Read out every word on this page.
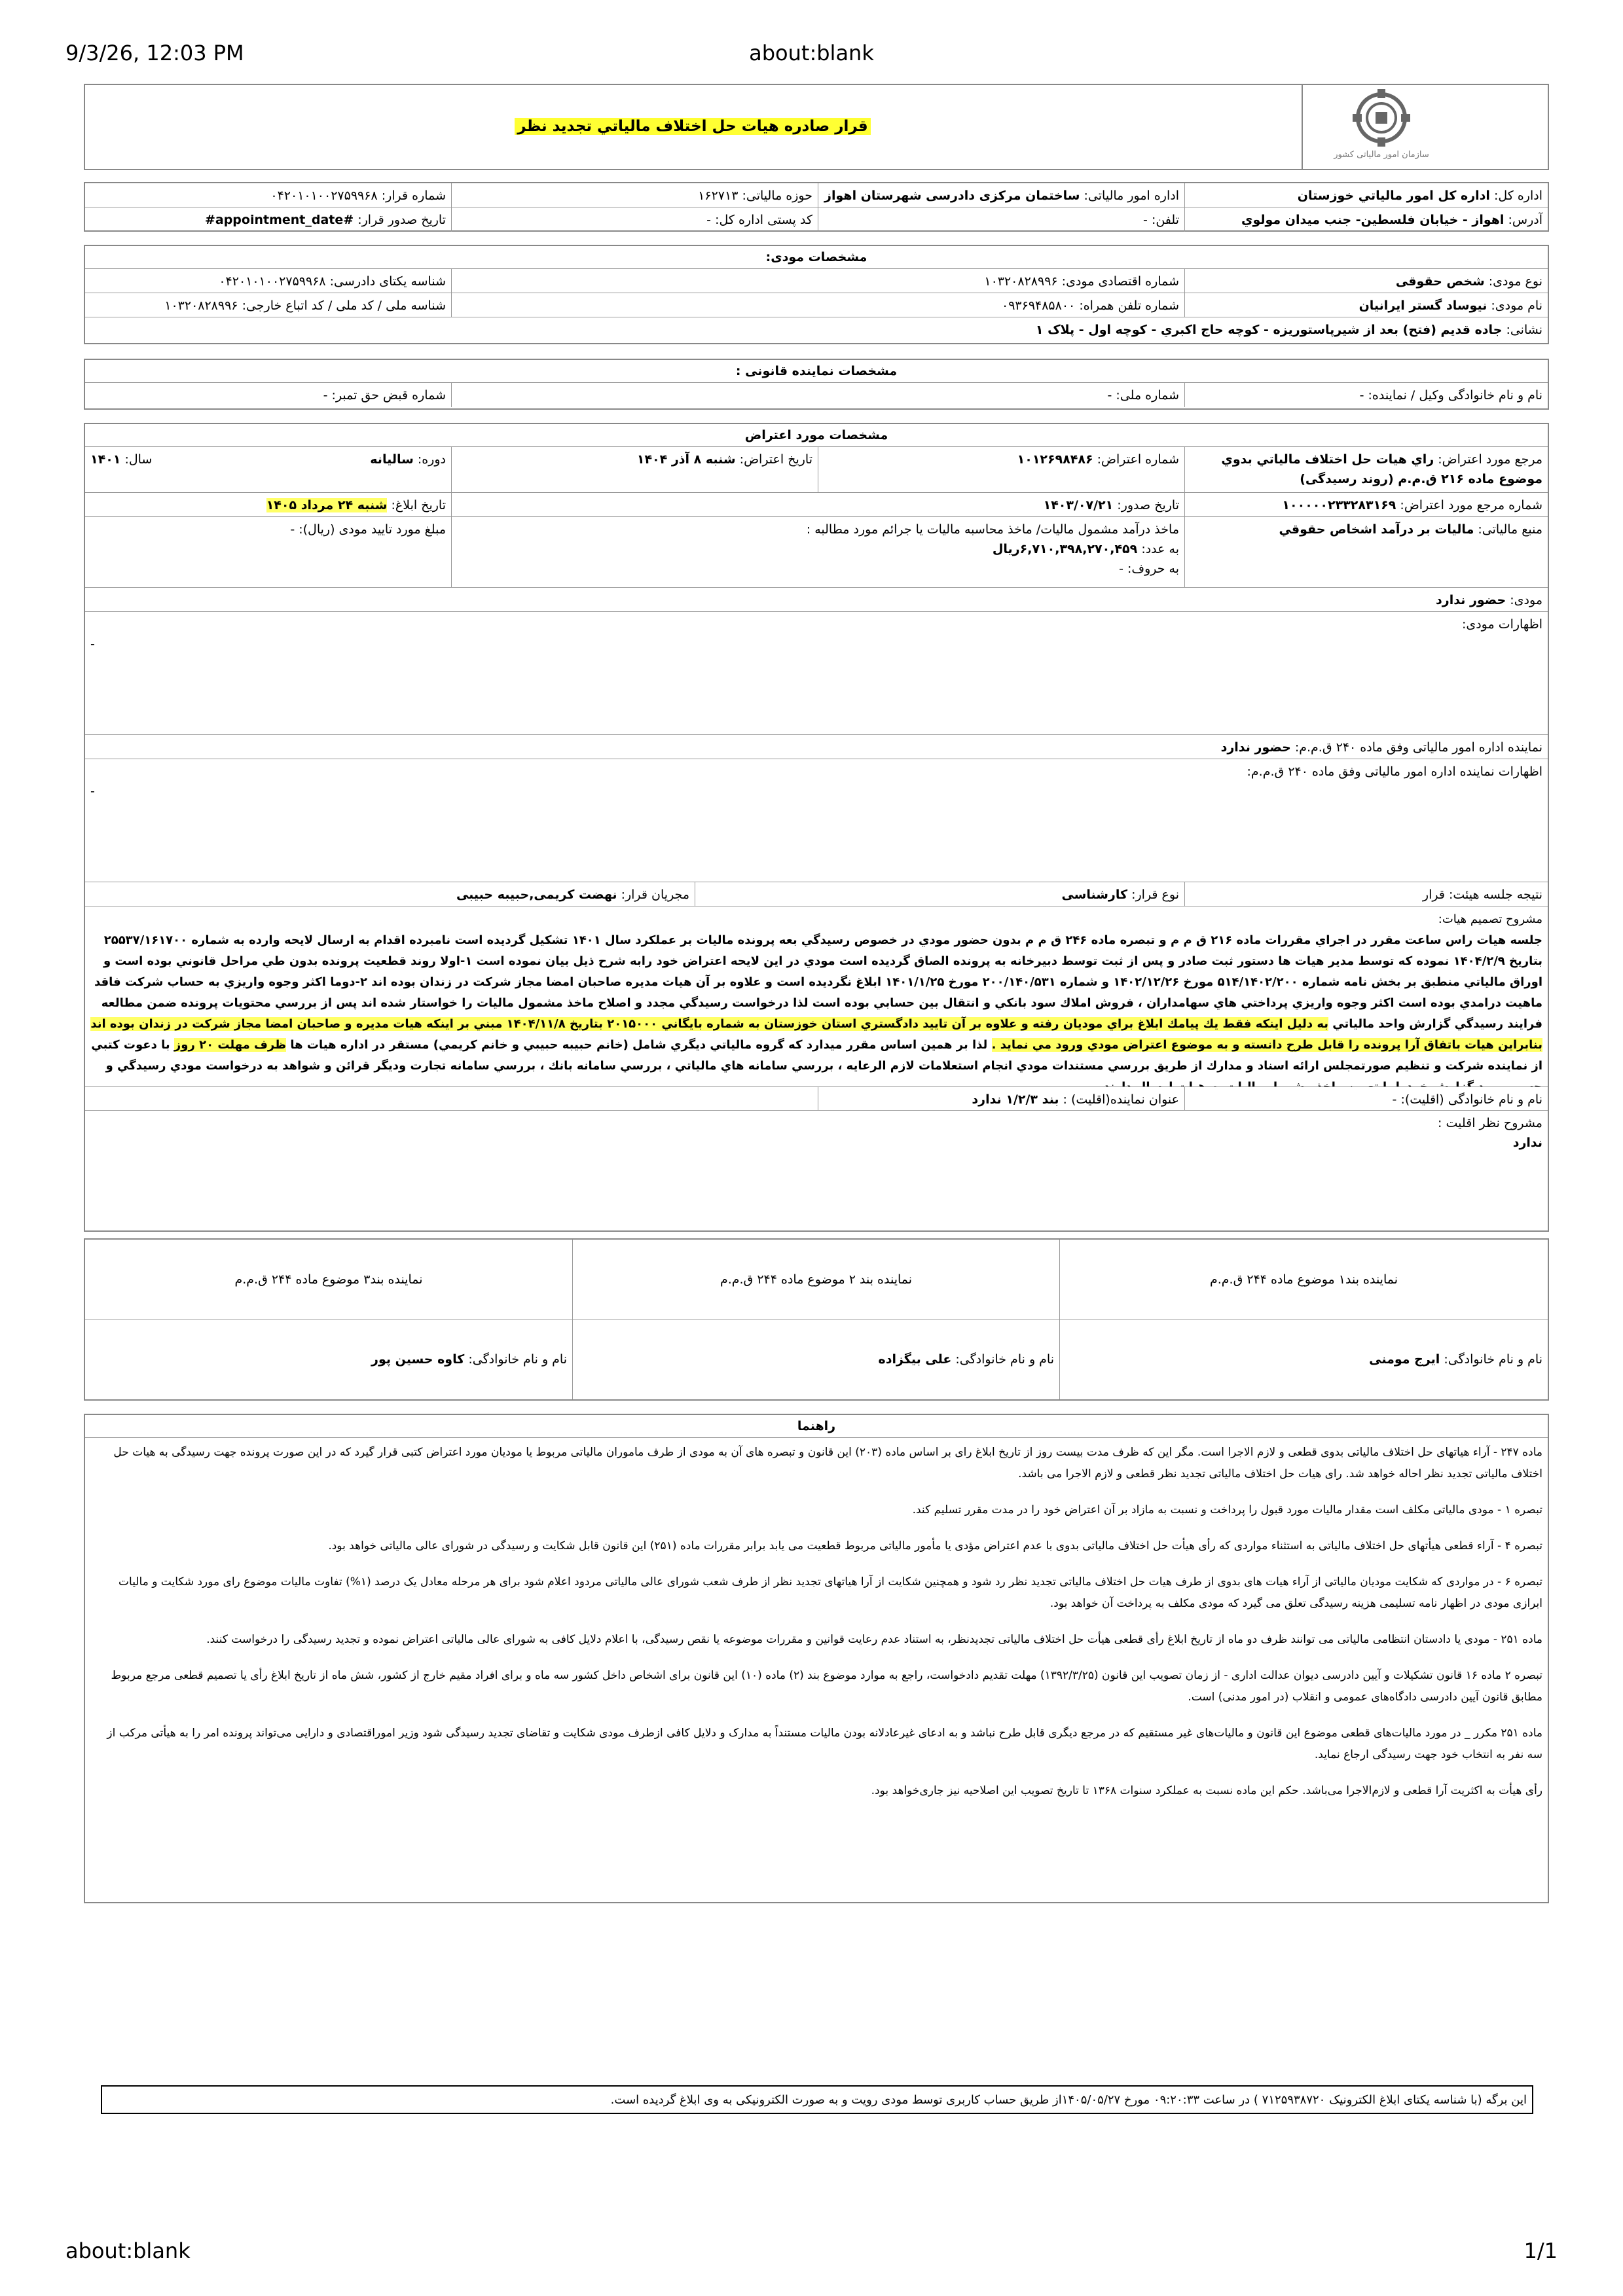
9/3/26, 12:03 PM	about:blank
قرار صادره هيات حل اختلاف مالياتي تجديد نظر
سازمان امور مالیاتی کشور
اداره کل: اداره كل امور مالياتي خوزستان
اداره امور مالیاتی: ساختمان مرکزی دادرسی شهرستان اهواز
حوزه مالیاتی: ۱۶۲۷۱۳
شماره قرار: ۰۴۲۰۱۰۱۰۰۲۷۵۹۹۶۸
آدرس: اهواز - خيابان فلسطين- جنب ميدان مولوي
تلفن: -
کد پستی اداره کل: -
تاریخ صدور قرار: #appointment_date#
مشخصات مودی:
نوع مودی: شخص حقوقی
شماره اقتصادی مودی: ۱۰۳۲۰۸۲۸۹۹۶
شناسه یکتای دادرسی: ۰۴۲۰۱۰۱۰۰۲۷۵۹۹۶۸
نام مودی: نيوساد گستر ايرانيان
شماره تلفن همراه: ۰۹۳۶۹۴۸۵۸۰۰
شناسه ملی / کد ملی / کد اتباع خارجی: ۱۰۳۲۰۸۲۸۹۹۶
نشانی: جاده قديم (فتح) بعد از شيرپاستوريزه - كوچه حاج اكبري - كوچه اول - پلاک ۱
مشخصات نماینده قانونی :
نام و نام خانوادگی وکیل / نماینده: -
شماره ملی: -
شماره قبض حق تمبر: -
مشخصات مورد اعتراض
مرجع مورد اعتراض: راي هيات حل اختلاف مالياتي بدوي موضوع ماده ۲۱۶ ق.م.م (روند رسیدگی)
شماره اعتراض: ۱۰۱۲۶۹۸۴۸۶
تاریخ اعتراض: شنبه ۸ آذر ۱۴۰۴
دوره: سالیانه
سال: ۱۴۰۱
شماره مرجع مورد اعتراض: ۱۰۰۰۰۰۲۳۳۲۸۳۱۶۹
تاریخ صدور: ۱۴۰۳/۰۷/۲۱
تاریخ ابلاغ: شنبه ۲۴ مرداد ۱۴۰۵
منبع مالیاتی: ماليات بر درآمد اشخاص حقوقي
ماخذ درآمد مشمول مالیات/ ماخذ محاسبه مالیات یا جرائم مورد مطالبه :
به عدد: ۶,۷۱۰,۳۹۸,۲۷۰,۴۵۹ریال
به حروف: -
مبلغ مورد تایید مودی (ریال): -
مودی: حضور ندارد
اظهارات مودی:
-
نماینده اداره امور مالیاتی وفق ماده ۲۴۰ ق.م.م: حضور ندارد
اظهارات نماینده اداره امور مالیاتی وفق ماده ۲۴۰ ق.م.م:
-
نتیجه جلسه هیئت: قرار
نوع قرار: کارشناسی
مجریان قرار: نهضت کریمی,حبیبه حبیبی
مشروح تصمیم هیات:
جلسه هيات راس ساعت مقرر در اجراي مقررات ماده ۲۱۶ ق م م و تبصره ماده ۲۴۶ ق م م بدون حضور مودي در خصوص رسيدگي بعه پرونده ماليات بر عملكرد سال ۱۴۰۱ تشكيل گرديده است نامبرده اقدام به ارسال لايحه وارده به شماره ۲۵۵۳۷/۱۶۱۷۰۰ بتاريخ ۱۴۰۴/۲/۹ نموده كه توسط مدير هيات ها دستور ثبت صادر و پس از ثبت توسط دبيرخانه به پرونده الصاق گرديده است مودي در اين لايحه اعتراض خود رابه شرح ذيل بيان نموده است ۱-اولا روند قطعيت پرونده بدون طي مراحل قانوني بوده است و اوراق مالياتي منطبق بر بخش نامه شماره ۵۱۴/۱۴۰۲/۲۰۰ مورخ ۱۴۰۲/۱۲/۲۶ و شماره ۲۰۰/۱۴۰/۵۳۱ مورخ ۱۴۰۱/۱/۲۵ ابلاغ نگرديده است و علاوه بر آن هيات مديره صاحبان امضا مجاز شركت در زندان بوده اند ۲-دوما اكثر وجوه واريزي به حساب شركت فاقد ماهيت درامدي بوده است اكثر وجوه واريزي پرداختي هاي سهامداران ، فروش املاك سود بانكي و انتقال بين حسابي بوده است لذا درخواست رسيدگي مجدد و اصلاح ماخذ مشمول ماليات را خواستار شده اند پس از بررسي محتويات پرونده ضمن مطالعه فرايند رسيدگي گزارش واحد مالياتي به دليل اينكه فقط يك پيامك ابلاغ براي موديان رفته و علاوه بر آن تاييد دادگستري استان خوزستان به شماره بايگاني ۲۰۱۵۰۰۰ بتاريخ ۱۴۰۴/۱۱/۸ مبني بر اينكه هيات مديره و صاحبان امضا مجاز شركت در زندان بوده اند بنابراين هيات باتفاق آرا پرونده را قابل طرح دانسته و به موضوع اعتراض مودي ورود مي نمايد . لذا بر همين اساس مقرر ميدارد كه گروه مالياتي ديگري شامل (خانم حبيبه حبيبي و خانم كريمي) مستقر در اداره هيات ها ظرف مهلت ۲۰ روز با دعوت كتبي از نماينده شركت و تنظيم صورتمجلس ارائه اسناد و مدارك از طريق بررسي مستندات مودي انجام استعلامات لازم الرعايه ، بررسي سامانه هاي مالياتي ، بررسي سامانه بانك ، بررسي سامانه تجارت وديگر قرائن و شواهد به درخواست مودي رسيدگي و
نام و نام خانوادگی (اقلیت): -
عنوان نماینده(اقلیت) : بند ۱/۲/۳ ندارد
مشروح نظر اقلیت :
ندارد
نماینده بند۱ موضوع ماده ۲۴۴ ق.م.م
نماینده بند ۲ موضوع ماده ۲۴۴ ق.م.م
نماینده بند۳ موضوع ماده ۲۴۴ ق.م.م
نام و نام خانوادگی:

ایرج مومنی
نام و نام خانوادگی:

علی بیگزاده
نام و نام خانوادگی:

کاوه حسین پور
راهنما

ماده ۲۴۷ - آراء هیاتهای حل اختلاف مالیاتی بدوی قطعی و لازم الاجرا است. مگر این که ظرف مدت بیست روز از تاریخ ابلاغ رای بر اساس ماده (۲۰۳) این قانون و تبصره های آن به مودی از طرف ماموران مالیاتی مربوط یا مودیان مورد اعتراض کتبی قرار گیرد که در این صورت پرونده جهت رسیدگی به هیات حل اختلاف مالیاتی تجدید نظر احاله خواهد شد. رای هیات حل اختلاف مالیاتی تجدید نظر قطعی و لازم الاجرا می باشد.

تبصره ۱ - مودی مالیاتی مکلف است مقدار مالیات مورد قبول را پرداخت و نسبت به مازاد بر آن اعتراض خود را در مدت مقرر تسلیم کند.

تبصره ۴ - آراء قطعی هیأتهای حل اختلاف مالیاتی به استثناء مواردی که رأی هیأت حل اختلاف مالیاتی بدوی با عدم اعتراض مؤدی یا مأمور مالیاتی مربوط قطعیت می یابد برابر مقررات ماده (۲۵۱) این قانون قابل شکایت و رسیدگی در شورای عالی مالیاتی خواهد بود.

تبصره ۶ - در مواردی که شکایت مودیان مالیاتی از آراء هیات های بدوی از طرف هیات حل اختلاف مالیاتی تجدید نظر رد شود و همچنین شکایت از آرا هیاتهای تجدید نظر از طرف شعب شورای عالی مالیاتی مردود اعلام شود برای هر مرحله معادل یک درصد (۱%) تفاوت مالیات موضوع رای مورد شکایت و مالیات ابرازی مودی در اظهار نامه تسلیمی هزینه رسیدگی تعلق می گیرد که مودی مکلف به پرداخت آن خواهد بود.

ماده ۲۵۱ - مودی یا دادستان انتظامی مالیاتی می توانند ظرف دو ماه از تاریخ ابلاغ رأی قطعی هیأت حل اختلاف مالیاتی تجدیدنظر، به استناد عدم رعایت قوانین و مقررات موضوعه یا نقص رسیدگی، با اعلام دلایل کافی به شورای عالی مالیاتی اعتراض نموده و تجدید رسیدگی را درخواست کنند.

تبصره ۲ ماده ۱۶ قانون تشکیلات و آیین دادرسی دیوان عدالت اداری - از زمان تصویب این قانون (۱۳۹۲/۳/۲۵) مهلت تقدیم دادخواست، راجع به موارد موضوع بند (۲) ماده (۱۰) این قانون برای اشخاص داخل کشور سه ماه و برای افراد مقیم خارج از کشور، شش ماه از تاریخ ابلاغ رأی یا تصمیم قطعی مرجع مربوط مطابق قانون آیین دادرسی دادگاه‌های عمومی و انقلاب (در امور مدنی) است.

ماده ۲۵۱ مکرر _ در مورد مالیات‌های قطعی موضوع این قانون و مالیات‌های غیر مستقیم که در مرجع دیگری قابل طرح نباشد و به ادعای غیرعادلانه بودن مالیات مستنداً به مدارک و دلایل کافی ازطرف مودی شکایت و تقاضای تجدید رسیدگی شود وزیر اموراقتصادی و دارایی می‌تواند پرونده امر را به هیأتی مرکب از سه نفر به انتخاب خود جهت رسیدگی ارجاع نماید.

رأی هیأت به اکثریت آرا قطعی و لازم‌الاجرا می‌باشد. حکم این ماده نسبت به عملکرد سنوات ۱۳۶۸ تا تاریخ تصویب این اصلاحیه نیز جاری‌خواهد بود.

این برگه (با شناسه یکتای ابلاغ الکترونیک ۷۱۲۵۹۳۸۷۲۰ ) در ساعت ۰۹:۲۰:۳۳ مورخ ۱۴۰۵/۰۵/۲۷از طریق حساب کاربری توسط مودی رویت و به صورت الکترونیکی به وی ابلاغ گردیده است.
about:blank	1/1
